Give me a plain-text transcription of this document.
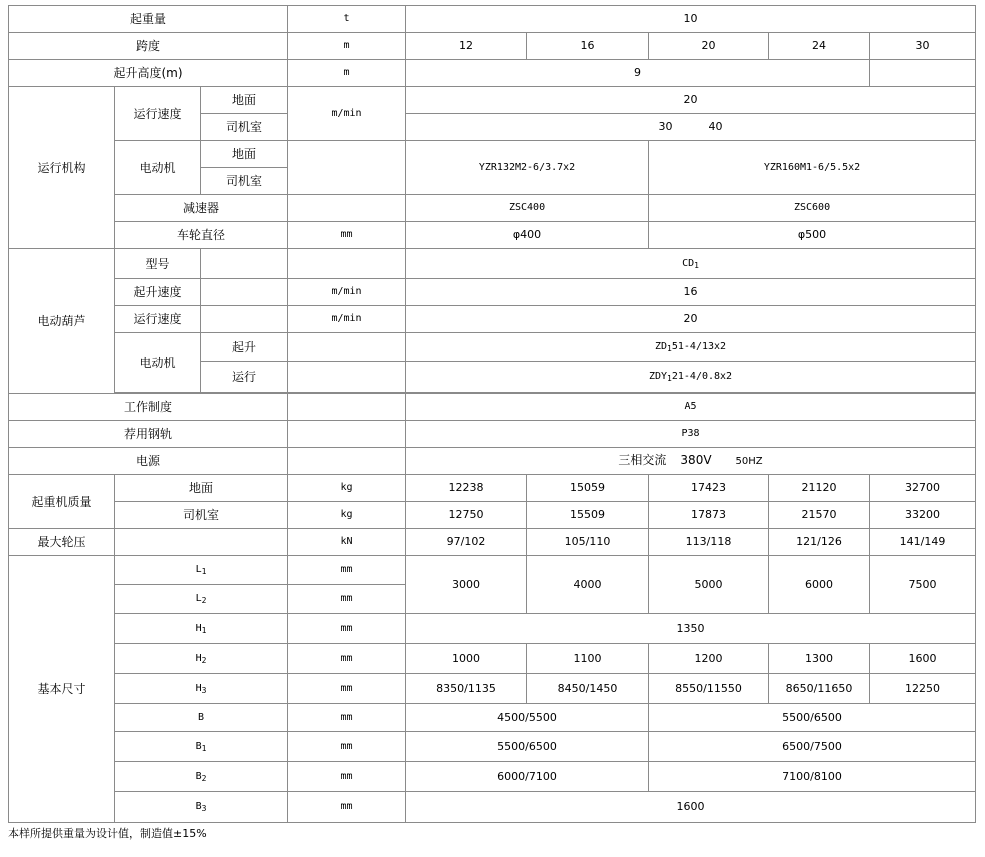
起重量			t	10				
跨度			m	12	16	20	24	30
起升高度(m)			m	9				
运行机构	运行速度	地面	m/min	20				
		司机室		30 40				
	电动机	地面		YZR132M2-6/3.7x2		YZR160M1-6/5.5x2		
		司机室						
	减速器			ZSC400		ZSC600		
	车轮直径		mm	φ400		φ500		
电动葫芦	型号			$CD_1$
	起升速度		m/min	16				
	运行速度		m/min	20				
	电动机	起升		$ZD_151-4/13x2$				
		运行		$ZDY_121-4/0.8x2$				

工作制度				A5				
荐用钢轨				P38				
电源				三相交流 380V 50HZ				
起重机质量	地面		kg	12238	15059	17423	21120	32700
	司机室		kg	12750	15509	17873	21570	33200
最大轮压			kN	97/102	105/110	113/118	121/126	141/149
基本尺寸	$L_1$		mm	3000	4000	5000	6000	7500
	$L_2$		mm					
	$H_1$		mm	1350				
	$H_2$		mm	1000	1100	1200	1300	1600
	$H_3$		mm	8350/1135	8450/1450	8550/11550	8650/11650	12250
	B		mm	4500/5500		5500/6500		
	$B_1$		mm	5500/6500		6500/7500		
	$B_2$		mm	6000/7100		7100/8100		
	$B_3$		mm	1600				
本样所提供重量为设计值，制造值±15%
